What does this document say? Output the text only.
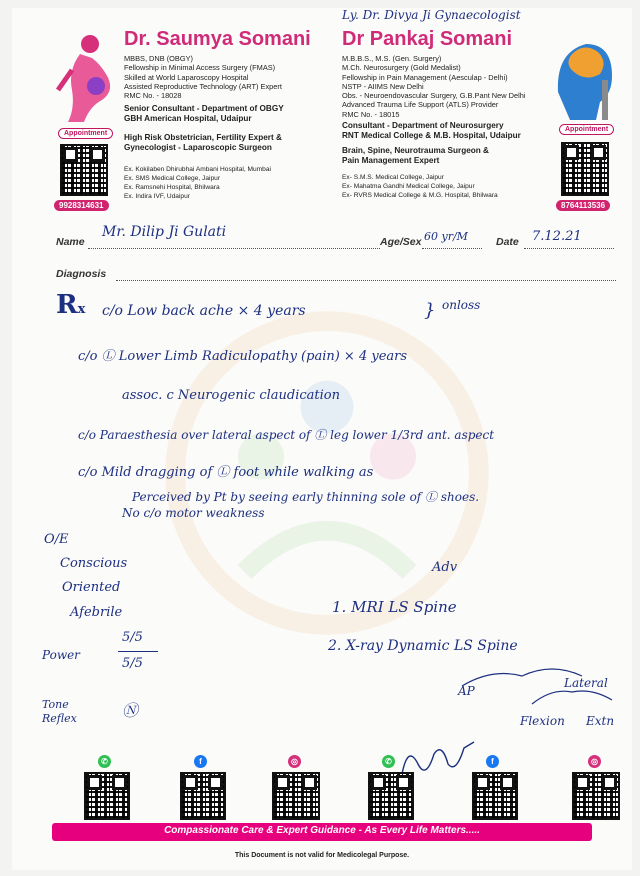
Ly. Dr. Divya Ji Gynaecologist
Appointment
9928314631
Dr. Saumya Somani
MBBS, DNB (OBGY)
Fellowship in Minimal Access Surgery (FMAS)
Skilled at World Laparoscopy Hospital
Assisted Reproductive Technology (ART) Expert
RMC No. - 18028
Senior Consultant - Department of OBGY
GBH American Hospital, Udaipur
High Risk Obstetrician, Fertility Expert &
Gynecologist - Laparoscopic Surgeon
Ex. Kokilaben Dhirubhai Ambani Hospital, Mumbai
Ex. SMS Medical College, Jaipur
Ex. Ramsnehi Hospital, Bhilwara
Ex. Indira IVF, Udaipur
Dr Pankaj Somani
M.B.B.S., M.S. (Gen. Surgery)
M.Ch. Neurosurgery (Gold Medalist)
Fellowship in Pain Management (Aesculap - Delhi)
NSTP - AIIMS New Delhi
Obs. - Neuroendovascular Surgery, G.B.Pant New Delhi
Advanced Trauma Life Support (ATLS) Provider
RMC No. - 18015
Consultant - Department of Neurosurgery
RNT Medical College & M.B. Hospital, Udaipur
Brain, Spine, Neurotrauma Surgeon &
Pain Management Expert
Ex- S.M.S. Medical College, Jaipur
Ex- Mahatma Gandhi Medical College, Jaipur
Ex- RVRS Medical College & M.G. Hospital, Bhilwara
Appointment
8764113536
Name
Mr. Dilip Ji Gulati
Age/Sex 60 yr/M	Date 7.12.21
Diagnosis
Rx c/o Low back ache × 4 years	} onloss
c/o Ⓛ Lower Limb Radiculopathy (pain) × 4 years
assoc. c Neurogenic claudication
c/o Paraesthesia over lateral aspect of Ⓛ leg lower 1/3rd ant. aspect
c/o Mild dragging of Ⓛ foot while walking as
Perceived by Pt by seeing early thinning sole of Ⓛ shoes.
No c/o motor weakness
O/E
Conscious
Oriented
Afebrile
Power
5/5
5/5
Tone Reflex	Ⓝ
Adv
1. MRI LS Spine
2. X-ray Dynamic LS Spine
AP
Lateral
Flexion Extn
✆	f	◎	✆	f	◎
Compassionate Care & Expert Guidance - As Every Life Matters.....
This Document is not valid for Medicolegal Purpose.
